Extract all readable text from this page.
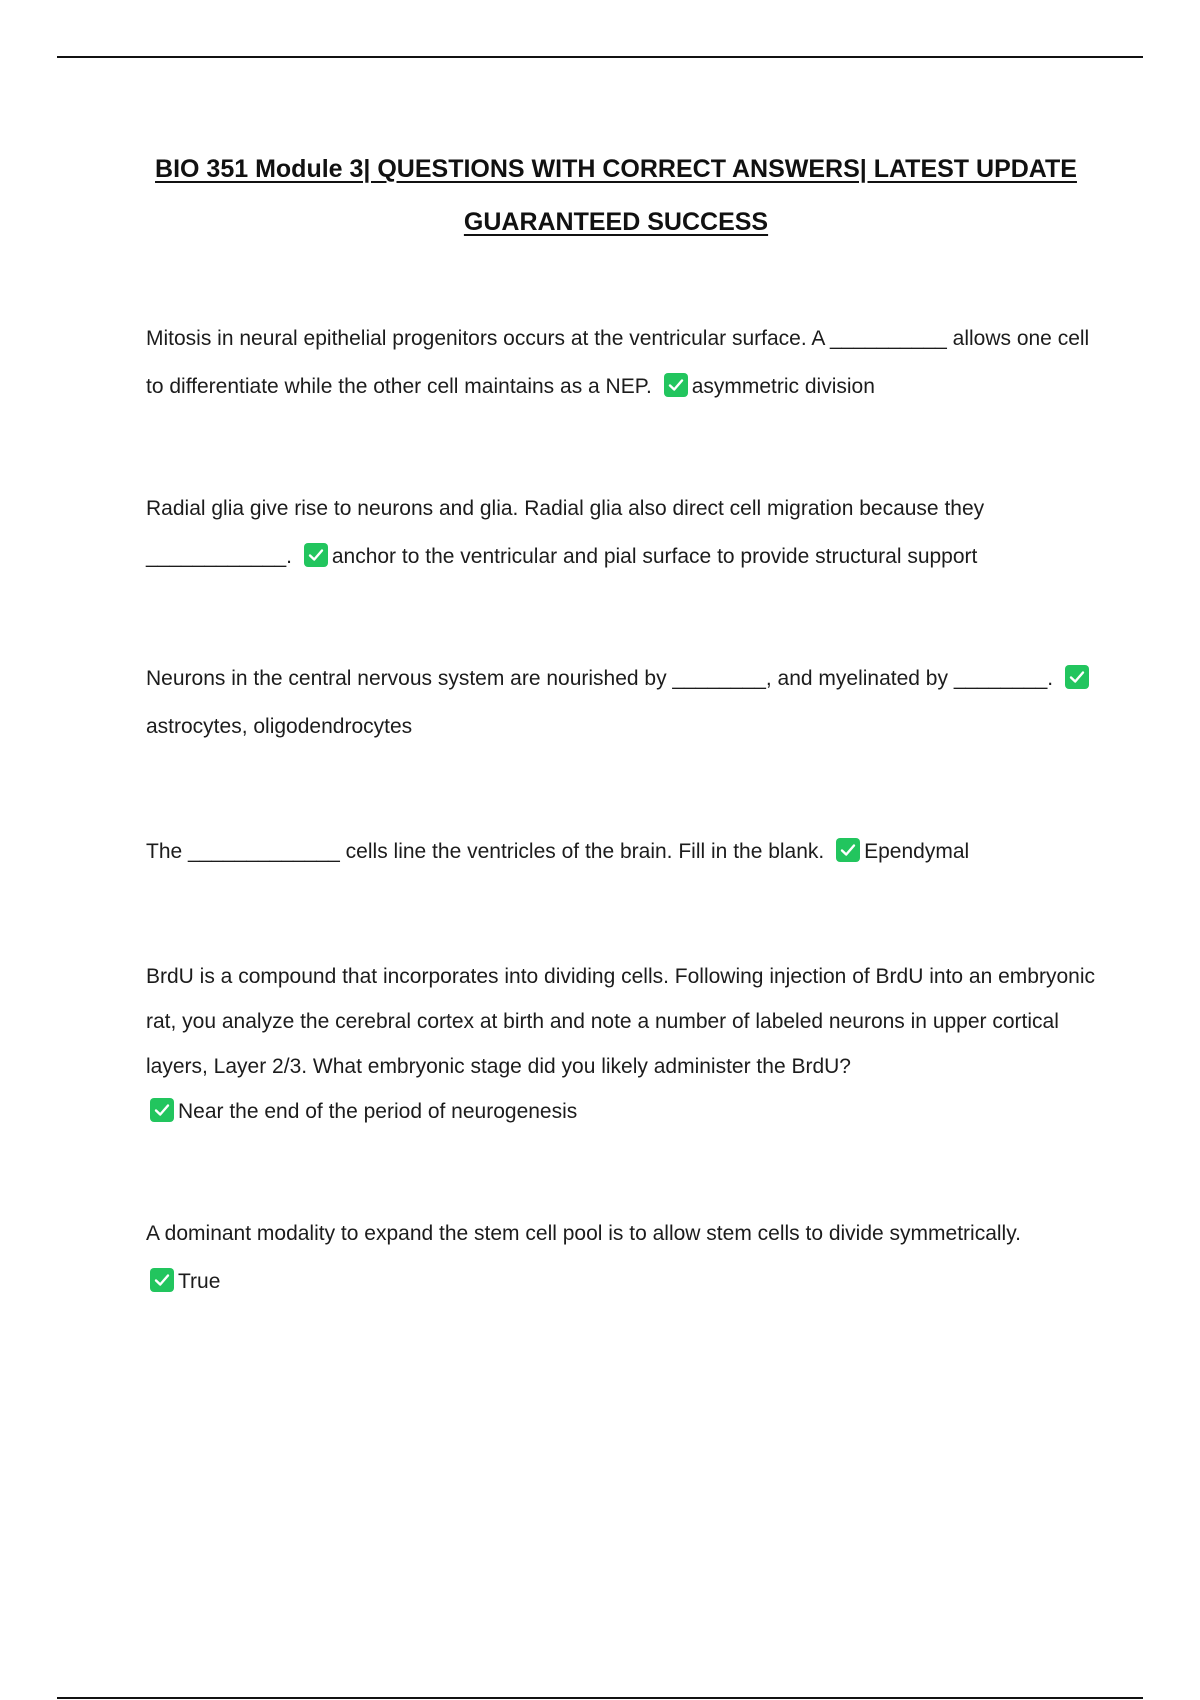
BIO 351 Module 3| QUESTIONS WITH CORRECT ANSWERS| LATEST UPDATE
GUARANTEED SUCCESS
Mitosis in neural epithelial progenitors occurs at the ventricular surface. A __________ allows one cell to differentiate while the other cell maintains as a NEP. asymmetric division
Radial glia give rise to neurons and glia. Radial glia also direct cell migration because they ____________. anchor to the ventricular and pial surface to provide structural support
Neurons in the central nervous system are nourished by ________, and myelinated by ________.
astrocytes, oligodendrocytes
The _____________ cells line the ventricles of the brain. Fill in the blank. Ependymal
BrdU is a compound that incorporates into dividing cells. Following injection of BrdU into an embryonic rat, you analyze the cerebral cortex at birth and note a number of labeled neurons in upper cortical layers, Layer 2/3. What embryonic stage did you likely administer the BrdU?

Near the end of the period of neurogenesis
A dominant modality to expand the stem cell pool is to allow stem cells to divide symmetrically.

True
